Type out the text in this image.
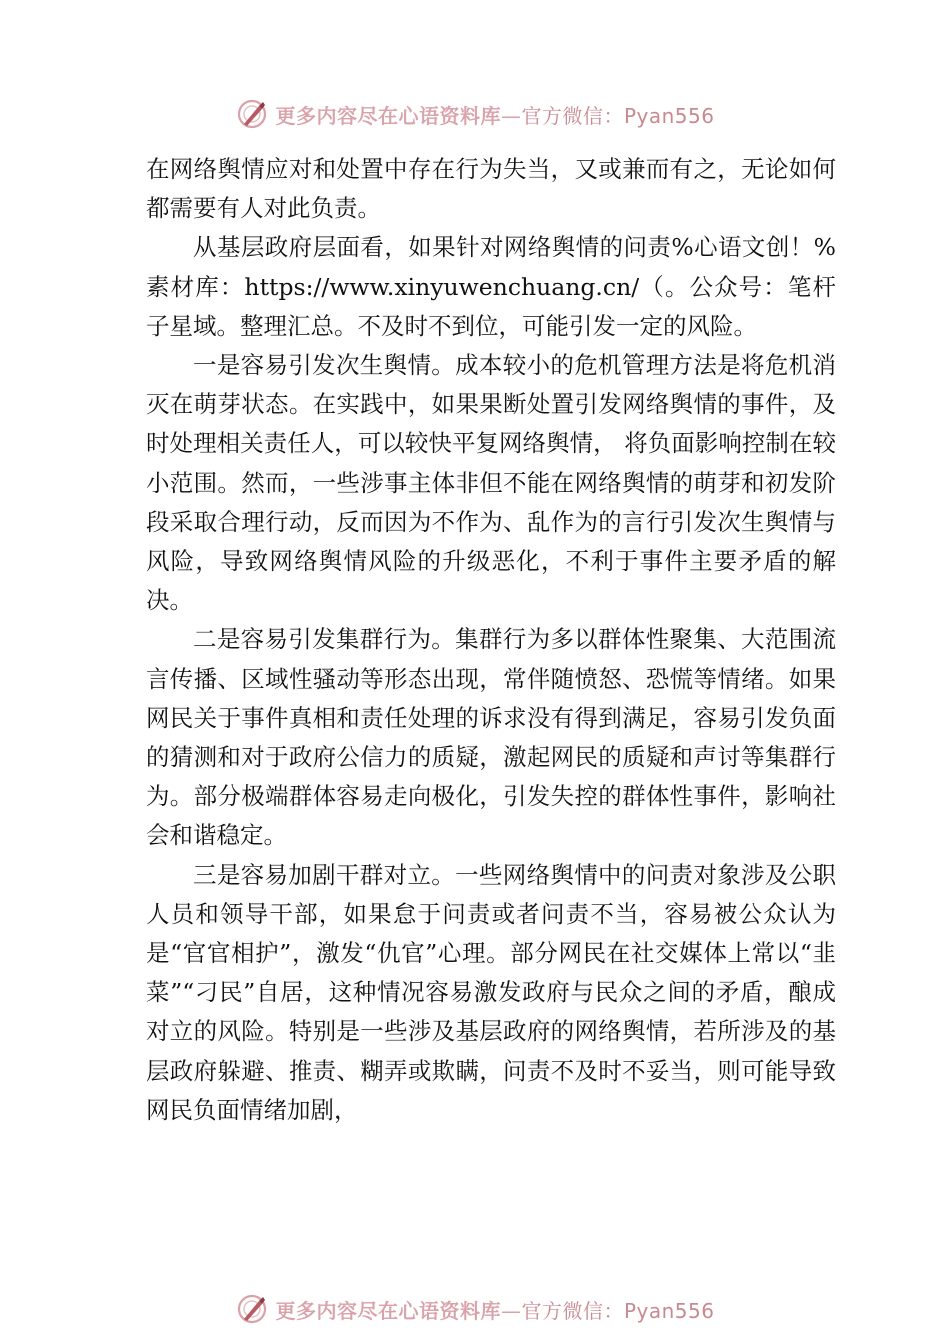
更多内容尽在心语资料库—官方微信：Pyan556

在网络舆情应对和处置中存在行为失当，又或兼而有之，无论如何都需要有人对此负责。

从基层政府层面看，如果针对网络舆情的问责%心语文创！%素材库：https://www.xinyuwenchuang.cn/（。公众号：笔杆子星域。整理汇总。不及时不到位，可能引发一定的风险。

一是容易引发次生舆情。成本较小的危机管理方法是将危机消灭在萌芽状态。在实践中，如果果断处置引发网络舆情的事件，及时处理相关责任人，可以较快平复网络舆情， 将负面影响控制在较小范围。然而，一些涉事主体非但不能在网络舆情的萌芽和初发阶段采取合理行动，反而因为不作为、乱作为的言行引发次生舆情与风险，导致网络舆情风险的升级恶化，不利于事件主要矛盾的解决。

二是容易引发集群行为。集群行为多以群体性聚集、大范围流言传播、区域性骚动等形态出现，常伴随愤怒、恐慌等情绪。如果网民关于事件真相和责任处理的诉求没有得到满足，容易引发负面的猜测和对于政府公信力的质疑，激起网民的质疑和声讨等集群行为。部分极端群体容易走向极化，引发失控的群体性事件，影响社会和谐稳定。

三是容易加剧干群对立。一些网络舆情中的问责对象涉及公职人员和领导干部，如果怠于问责或者问责不当，容易被公众认为是“官官相护”，激发“仇官”心理。部分网民在社交媒体上常以“韭菜”“刁民”自居，这种情况容易激发政府与民众之间的矛盾，酿成对立的风险。特别是一些涉及基层政府的网络舆情，若所涉及的基层政府躲避、推责、糊弄或欺瞒，问责不及时不妥当，则可能导致网民负面情绪加剧，

更多内容尽在心语资料库—官方微信：Pyan556
